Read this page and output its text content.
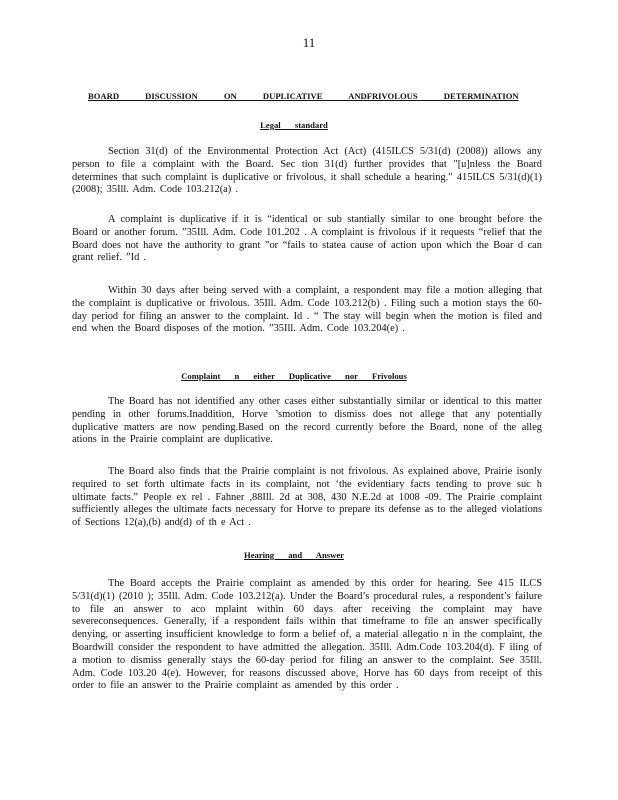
11
BOARD DISCUSSION ON DUPLICATIVE ANDFRIVOLOUS DETERMINATION
Legal standard

Section 31(d) of the Environmental Protection Act (Act) (415ILCS 5/31(d) (2008)) allows any person to file a complaint with the Board. Sec tion 31(d) further provides that "[u]nless the Board determines that such complaint is duplicative or frivolous, it shall schedule a hearing." 415ILCS 5/31(d)(1) (2008); 35Ill. Adm. Code 103.212(a) .

A complaint is duplicative if it is “identical or sub stantially similar to one brought before the Board or another forum. ”35Ill. Adm. Code 101.202 . A complaint is frivolous if it requests “relief that the Board does not have the authority to grant ”or “fails to statea cause of action upon which the Boar d can grant relief. ”Id .

Within 30 days after being served with a complaint, a respondent may file a motion alleging that the complaint is duplicative or frivolous. 35Ill. Adm. Code 103.212(b) . Filing such a motion stays the 60-day period for filing an answer to the complaint. Id . “ The stay will begin when the motion is filed and end when the Board disposes of the motion. ”35Ill. Adm. Code 103.204(e) .

Complaint n either Duplicative nor Frivolous

The Board has not identified any other cases either substantially similar or identical to this matter pending in other forums.Inaddition, Horve ’smotion to dismiss does not allege that any potentially duplicative matters are now pending.Based on the record currently before the Board, none of the alleg ations in the Prairie complaint are duplicative.

The Board also finds that the Prairie complaint is not frivolous. As explained above, Prairie isonly required to set forth ultimate facts in its complaint, not ‘the evidentiary facts tending to prove suc h ultimate facts.” People ex rel . Fahner ,88Ill. 2d at 308, 430 N.E.2d at 1008 -09. The Prairie complaint sufficiently alleges the ultimate facts necessary for Horve to prepare its defense as to the alleged violations of Sections 12(a),(b) and(d) of th e Act .

Hearing and Answer

The Board accepts the Prairie complaint as amended by this order for hearing. See 415 ILCS 5/31(d)(1) (2010 ); 35Ill. Adm. Code 103.212(a). Under the Board’s procedural rules, a respondent’s failure to file an answer to aco mplaint within 60 days after receiving the complaint may have severeconsequences. Generally, if a respondent fails within that timeframe to file an answer specifically denying, or asserting insufficient knowledge to form a belief of, a material allegatio n in the complaint, the Boardwill consider the respondent to have admitted the allegation. 35Ill. Adm.Code 103.204(d). F iling of a motion to dismiss generally stays the 60-day period for filing an answer to the complaint. See 35Ill. Adm. Code 103.20 4(e). However, for reasons discussed above, Horve has 60 days from receipt of this order to file an answer to the Prairie complaint as amended by this order .
